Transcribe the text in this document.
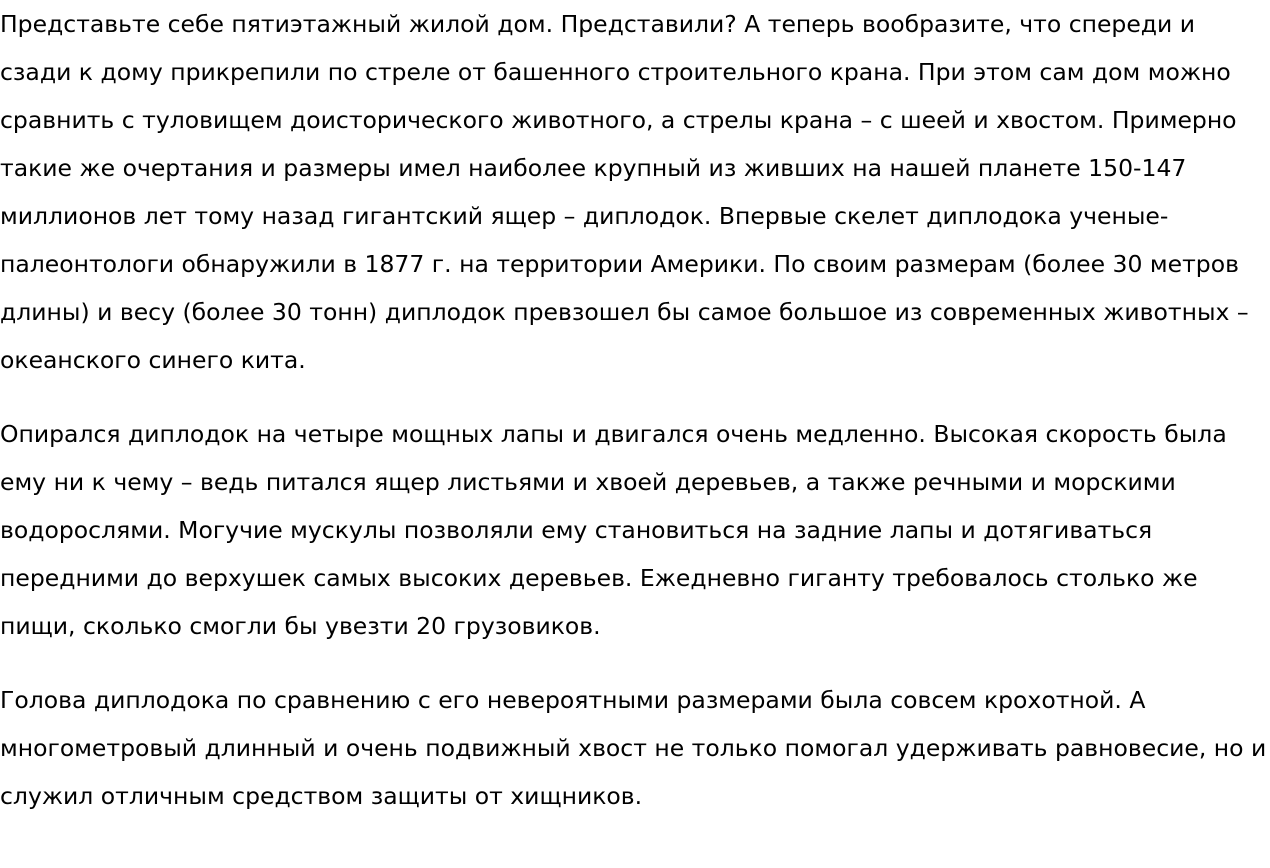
Представьте себе пятиэтажный жилой дом. Представили? А теперь вообразите, что спереди и сзади к дому прикрепили по стреле от башенного строительного крана. При этом сам дом можно сравнить с туловищем доисторического животного, а стрелы крана – с шеей и хвостом. Примерно такие же очертания и размеры имел наиболее крупный из живших на нашей планете 150-147 миллионов лет тому назад гигантский ящер – диплодок. Впервые скелет диплодока ученые-палеонтологи обнаружили в 1877 г. на территории Америки. По своим размерам (более 30 метров длины) и весу (более 30 тонн) диплодок превзошел бы самое большое из современных животных – океанского синего кита.

Опирался диплодок на четыре мощных лапы и двигался очень медленно. Высокая скорость была ему ни к чему – ведь питался ящер листьями и хвоей деревьев, а также речными и морскими водорослями. Могучие мускулы позволяли ему становиться на задние лапы и дотягиваться передними до верхушек самых высоких деревьев. Ежедневно гиганту требовалось столько же пищи, сколько смогли бы увезти 20 грузовиков.

Голова диплодока по сравнению с его невероятными размерами была совсем крохотной. А многометровый длинный и очень подвижный хвост не только помогал удерживать равновесие, но и служил отличным средством защиты от хищников.
